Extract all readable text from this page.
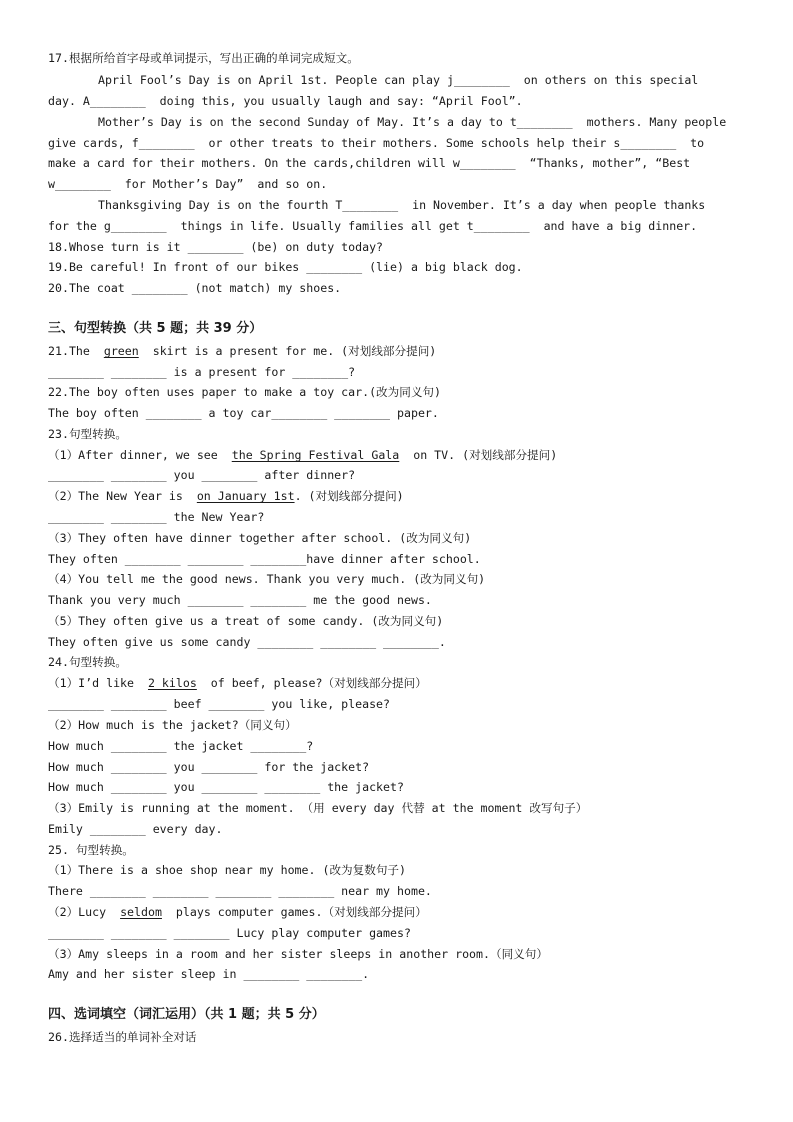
17.根据所给首字母或单词提示，写出正确的单词完成短文。
April Fool’s Day is on April 1st. People can play j________  on others on this special
day. A________  doing this, you usually laugh and say: “April Fool”.
Mother’s Day is on the second Sunday of May. It’s a day to t________  mothers. Many people
give cards, f________  or other treats to their mothers. Some schools help their s________  to
make a card for their mothers. On the cards,children will w________  “Thanks, mother”, “Best
w________  for Mother’s Day”  and so on.
Thanksgiving Day is on the fourth T________  in November. It’s a day when people thanks
for the g________  things in life. Usually families all get t________  and have a big dinner.
18.Whose turn is it ________ (be) on duty today?
19.Be careful! In front of our bikes ________ (lie) a big black dog.
20.The coat ________ (not match) my shoes.
三、句型转换（共 5 题；共 39 分）
21.The  green  skirt is a present for me. (对划线部分提问)
________ ________ is a present for ________?
22.The boy often uses paper to make a toy car.(改为同义句)
The boy often ________ a toy car________ ________ paper.
23.句型转换。
（1）After dinner, we see  the Spring Festival Gala  on TV. (对划线部分提问)
________ ________ you ________ after dinner?
（2）The New Year is  on January 1st. (对划线部分提问)
________ ________ the New Year?
（3）They often have dinner together after school. (改为同义句)
They often ________ ________ ________have dinner after school.
（4）You tell me the good news. Thank you very much. (改为同义句)
Thank you very much ________ ________ me the good news.
（5）They often give us a treat of some candy. (改为同义句)
They often give us some candy ________ ________ ________.
24.句型转换。
（1）I’d like  2 kilos  of beef, please?（对划线部分提问）
________ ________ beef ________ you like, please?
（2）How much is the jacket?（同义句）
How much ________ the jacket ________?
How much ________ you ________ for the jacket?
How much ________ you ________ ________ the jacket?
（3）Emily is running at the moment. （用 every day 代替 at the moment 改写句子）
Emily ________ every day.
25. 句型转换。
（1）There is a shoe shop near my home. (改为复数句子)
There ________ ________ ________ ________ near my home.
（2）Lucy  seldom  plays computer games.（对划线部分提问）
________ ________ ________ Lucy play computer games?
（3）Amy sleeps in a room and her sister sleeps in another room.（同义句）
Amy and her sister sleep in ________ ________.
四、选词填空（词汇运用）（共 1 题；共 5 分）
26.选择适当的单词补全对话
